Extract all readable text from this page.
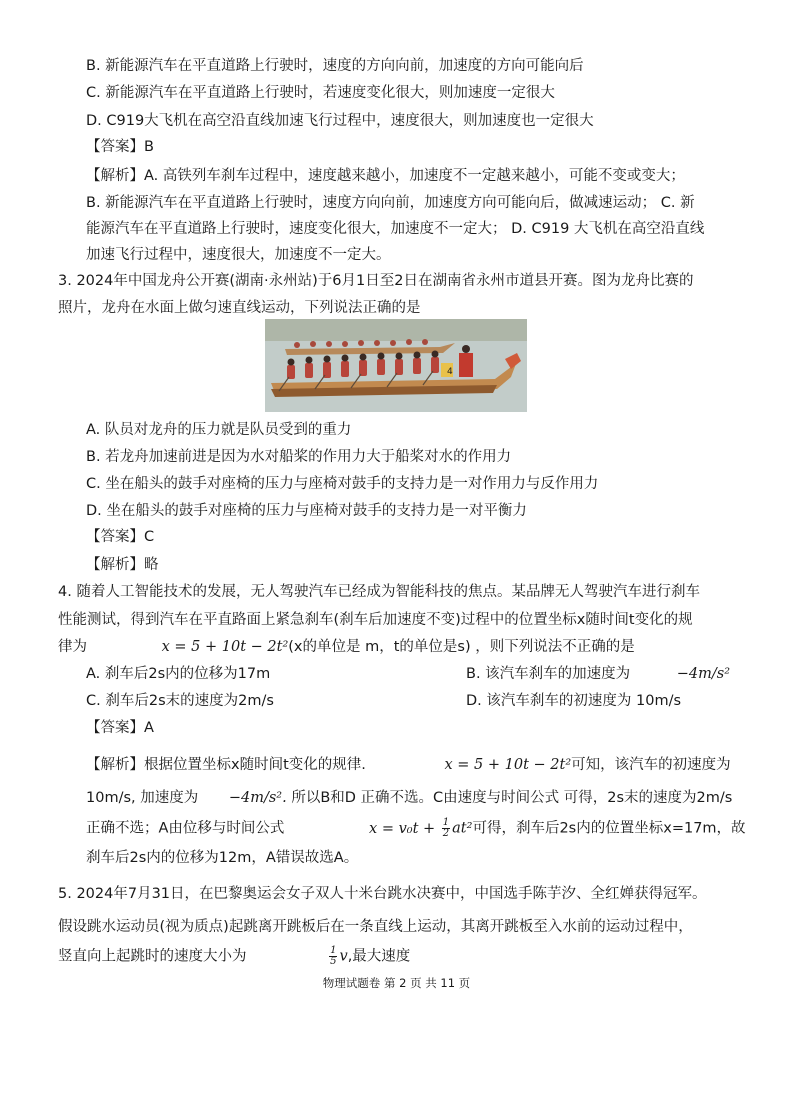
B. 新能源汽车在平直道路上行驶时，速度的方向向前，加速度的方向可能向后
C. 新能源汽车在平直道路上行驶时，若速度变化很大，则加速度一定很大
D. C919大飞机在高空沿直线加速飞行过程中，速度很大，则加速度也一定很大
【答案】B
【解析】A. 高铁列车刹车过程中，速度越来越小，加速度不一定越来越小，可能不变或变大；
B. 新能源汽车在平直道路上行驶时，速度方向向前，加速度方向可能向后，做减速运动； C. 新
能源汽车在平直道路上行驶时，速度变化很大，加速度不一定大； D. C919 大飞机在高空沿直线
加速飞行过程中，速度很大，加速度不一定大。
3. 2024年中国龙舟公开赛(湖南·永州站)于6月1日至2日在湖南省永州市道县开赛。图为龙舟比赛的
照片，龙舟在水面上做匀速直线运动，下列说法正确的是
4
A. 队员对龙舟的压力就是队员受到的重力
B. 若龙舟加速前进是因为水对船桨的作用力大于船桨对水的作用力
C. 坐在船头的鼓手对座椅的压力与座椅对鼓手的支持力是一对作用力与反作用力
D. 坐在船头的鼓手对座椅的压力与座椅对鼓手的支持力是一对平衡力
【答案】C
【解析】略
4. 随着人工智能技术的发展，无人驾驶汽车已经成为智能科技的焦点。某品牌无人驾驶汽车进行刹车
性能测试，得到汽车在平直路面上紧急刹车(刹车后加速度不变)过程中的位置坐标x随时间t变化的规
律为	x = 5 + 10t − 2t²(x的单位是 m，t的单位是s) ，则下列说法不正确的是
A. 刹车后2s内的位移为17m	B. 该汽车刹车的加速度为	−4m/s²
C. 刹车后2s末的速度为2m/s	D. 该汽车刹车的初速度为 10m/s
【答案】A
【解析】根据位置坐标x随时间t变化的规律.	x = 5 + 10t − 2t²可知，该汽车的初速度为
10m/s, 加速度为 −4m/s². 所以B和D 正确不选。C由速度与时间公式 可得，2s末的速度为2m/s
正确不选；A由位移与时间公式	$x = v_0t + \frac{1}{2} at^2$可得，刹车后2s内的位置坐标x=17m，故
刹车后2s内的位移为12m，A错误故选A。
5. 2024年7月31日，在巴黎奥运会女子双人十米台跳水决赛中，中国选手陈芋汐、全红婵获得冠军。
假设跳水运动员(视为质点)起跳离开跳板后在一条直线上运动，其离开跳板至入水前的运动过程中，
竖直向上起跳时的速度大小为	$\frac{1}{5} v$,最大速度
物理试题卷 第 2 页 共 11 页
